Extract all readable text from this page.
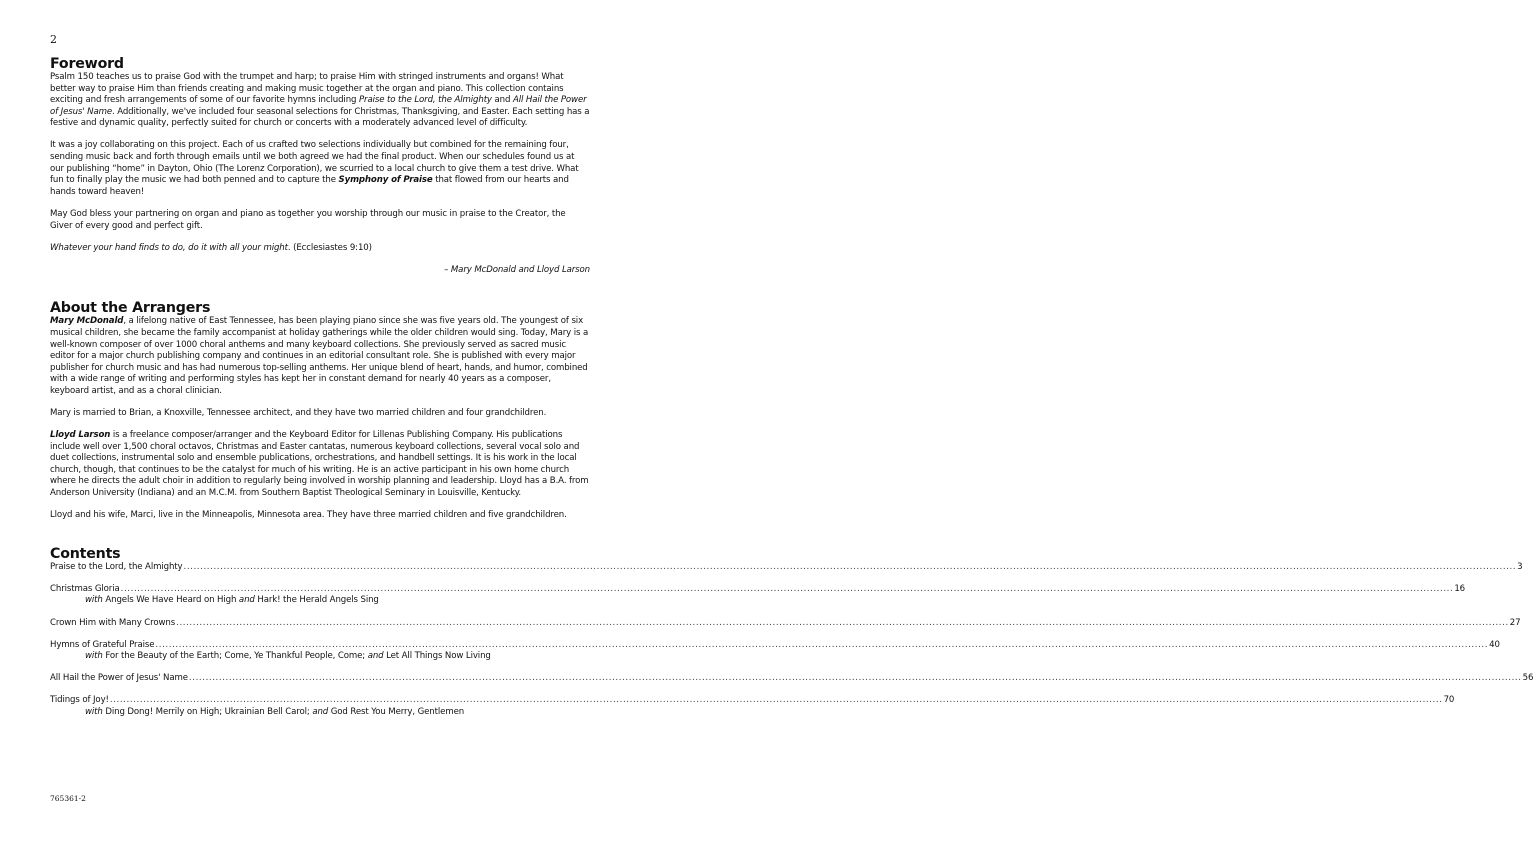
2
Foreword

Psalm 150 teaches us to praise God with the trumpet and harp; to praise Him with stringed instruments and organs! What better way to praise Him than friends creating and making music together at the organ and piano. This collection contains exciting and fresh arrangements of some of our favorite hymns including Praise to the Lord, the Almighty and All Hail the Power of Jesus' Name. Additionally, we've included four seasonal selections for Christmas, Thanksgiving, and Easter. Each setting has a festive and dynamic quality, perfectly suited for church or concerts with a moderately advanced level of difficulty.

It was a joy collaborating on this project. Each of us crafted two selections individually but combined for the remaining four, sending music back and forth through emails until we both agreed we had the final product. When our schedules found us at our publishing “home” in Dayton, Ohio (The Lorenz Corporation), we scurried to a local church to give them a test drive. What fun to finally play the music we had both penned and to capture the Symphony of Praise that flowed from our hearts and hands toward heaven!

May God bless your partnering on organ and piano as together you worship through our music in praise to the Creator, the Giver of every good and perfect gift.

Whatever your hand finds to do, do it with all your might. (Ecclesiastes 9:10)

– Mary McDonald and Lloyd Larson

About the Arrangers

Mary McDonald, a lifelong native of East Tennessee, has been playing piano since she was five years old. The youngest of six musical children, she became the family accompanist at holiday gatherings while the older children would sing. Today, Mary is a well-known composer of over 1000 choral anthems and many keyboard collections. She previously served as sacred music editor for a major church publishing company and continues in an editorial consultant role. She is published with every major publisher for church music and has had numerous top-selling anthems. Her unique blend of heart, hands, and humor, combined with a wide range of writing and performing styles has kept her in constant demand for nearly 40 years as a composer, keyboard artist, and as a choral clinician.

Mary is married to Brian, a Knoxville, Tennessee architect, and they have two married children and four grandchildren.

Lloyd Larson is a freelance composer/arranger and the Keyboard Editor for Lillenas Publishing Company. His publications include well over 1,500 choral octavos, Christmas and Easter cantatas, numerous keyboard collections, several vocal solo and duet collections, instrumental solo and ensemble publications, orchestrations, and handbell settings. It is his work in the local church, though, that continues to be the catalyst for much of his writing. He is an active participant in his own home church where he directs the adult choir in addition to regularly being involved in worship planning and leadership. Lloyd has a B.A. from Anderson University (Indiana) and an M.C.M. from Southern Baptist Theological Seminary in Louisville, Kentucky.

Lloyd and his wife, Marci, live in the Minneapolis, Minnesota area. They have three married children and five grandchildren.

Contents
Praise to the Lord, the Almighty ................................................................................................................................................................................................................................................................................................................................................................................................................ 3
Christmas Gloria ................................................................................................................................................................................................................................................................................................................................................................................................................ 16
with Angels We Have Heard on High and Hark! the Herald Angels Sing
Crown Him with Many Crowns ................................................................................................................................................................................................................................................................................................................................................................................................................ 27
Hymns of Grateful Praise ................................................................................................................................................................................................................................................................................................................................................................................................................ 40
with For the Beauty of the Earth; Come, Ye Thankful People, Come; and Let All Things Now Living
All Hail the Power of Jesus' Name ................................................................................................................................................................................................................................................................................................................................................................................................................ 56
Tidings of Joy! ................................................................................................................................................................................................................................................................................................................................................................................................................ 70
with Ding Dong! Merrily on High; Ukrainian Bell Carol; and God Rest You Merry, Gentlemen
765361-2
